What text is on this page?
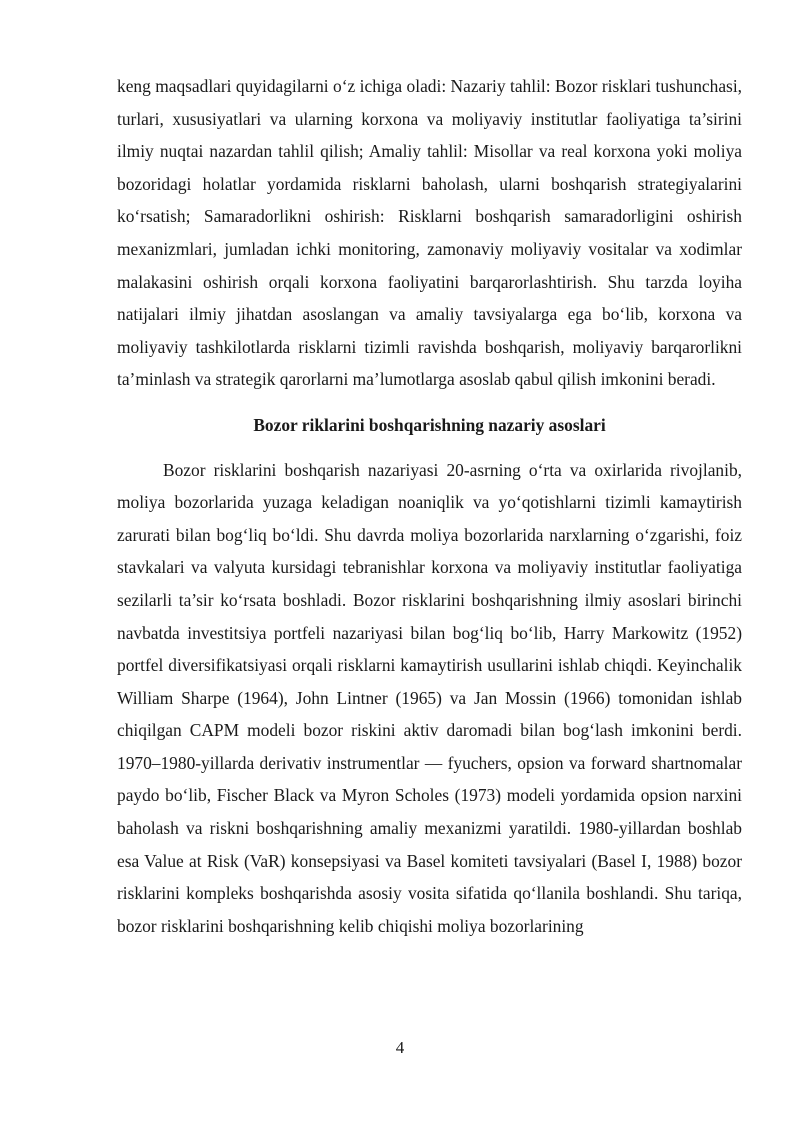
keng maqsadlari quyidagilarni o‘z ichiga oladi: Nazariy tahlil: Bozor risklari tushunchasi, turlari, xususiyatlari va ularning korxona va moliyaviy institutlar faoliyatiga ta’sirini ilmiy nuqtai nazardan tahlil qilish; Amaliy tahlil: Misollar va real korxona yoki moliya bozoridagi holatlar yordamida risklarni baholash, ularni boshqarish strategiyalarini ko‘rsatish; Samaradorlikni oshirish: Risklarni boshqarish samaradorligini oshirish mexanizmlari, jumladan ichki monitoring, zamonaviy moliyaviy vositalar va xodimlar malakasini oshirish orqali korxona faoliyatini barqarorlashtirish. Shu tarzda loyiha natijalari ilmiy jihatdan asoslangan va amaliy tavsiyalarga ega bo‘lib, korxona va moliyaviy tashkilotlarda risklarni tizimli ravishda boshqarish, moliyaviy barqarorlikni ta’minlash va strategik qarorlarni ma’lumotlarga asoslab qabul qilish imkonini beradi.

Bozor riklarini boshqarishning nazariy asoslari

Bozor risklarini boshqarish nazariyasi 20-asrning o‘rta va oxirlarida rivojlanib, moliya bozorlarida yuzaga keladigan noaniqlik va yo‘qotishlarni tizimli kamaytirish zarurati bilan bog‘liq bo‘ldi. Shu davrda moliya bozorlarida narxlarning o‘zgarishi, foiz stavkalari va valyuta kursidagi tebranishlar korxona va moliyaviy institutlar faoliyatiga sezilarli ta’sir ko‘rsata boshladi. Bozor risklarini boshqarishning ilmiy asoslari birinchi navbatda investitsiya portfeli nazariyasi bilan bog‘liq bo‘lib, Harry Markowitz (1952) portfel diversifikatsiyasi orqali risklarni kamaytirish usullarini ishlab chiqdi. Keyinchalik William Sharpe (1964), John Lintner (1965) va Jan Mossin (1966) tomonidan ishlab chiqilgan CAPM modeli bozor riskini aktiv daromadi bilan bog‘lash imkonini berdi. 1970–1980-yillarda derivativ instrumentlar — fyuchers, opsion va forward shartnomalar paydo bo‘lib, Fischer Black va Myron Scholes (1973) modeli yordamida opsion narxini baholash va riskni boshqarishning amaliy mexanizmi yaratildi. 1980-yillardan boshlab esa Value at Risk (VaR) konsepsiyasi va Basel komiteti tavsiyalari (Basel I, 1988) bozor risklarini kompleks boshqarishda asosiy vosita sifatida qo‘llanila boshlandi. Shu tariqa, bozor risklarini boshqarishning kelib chiqishi moliya bozorlarining

4
